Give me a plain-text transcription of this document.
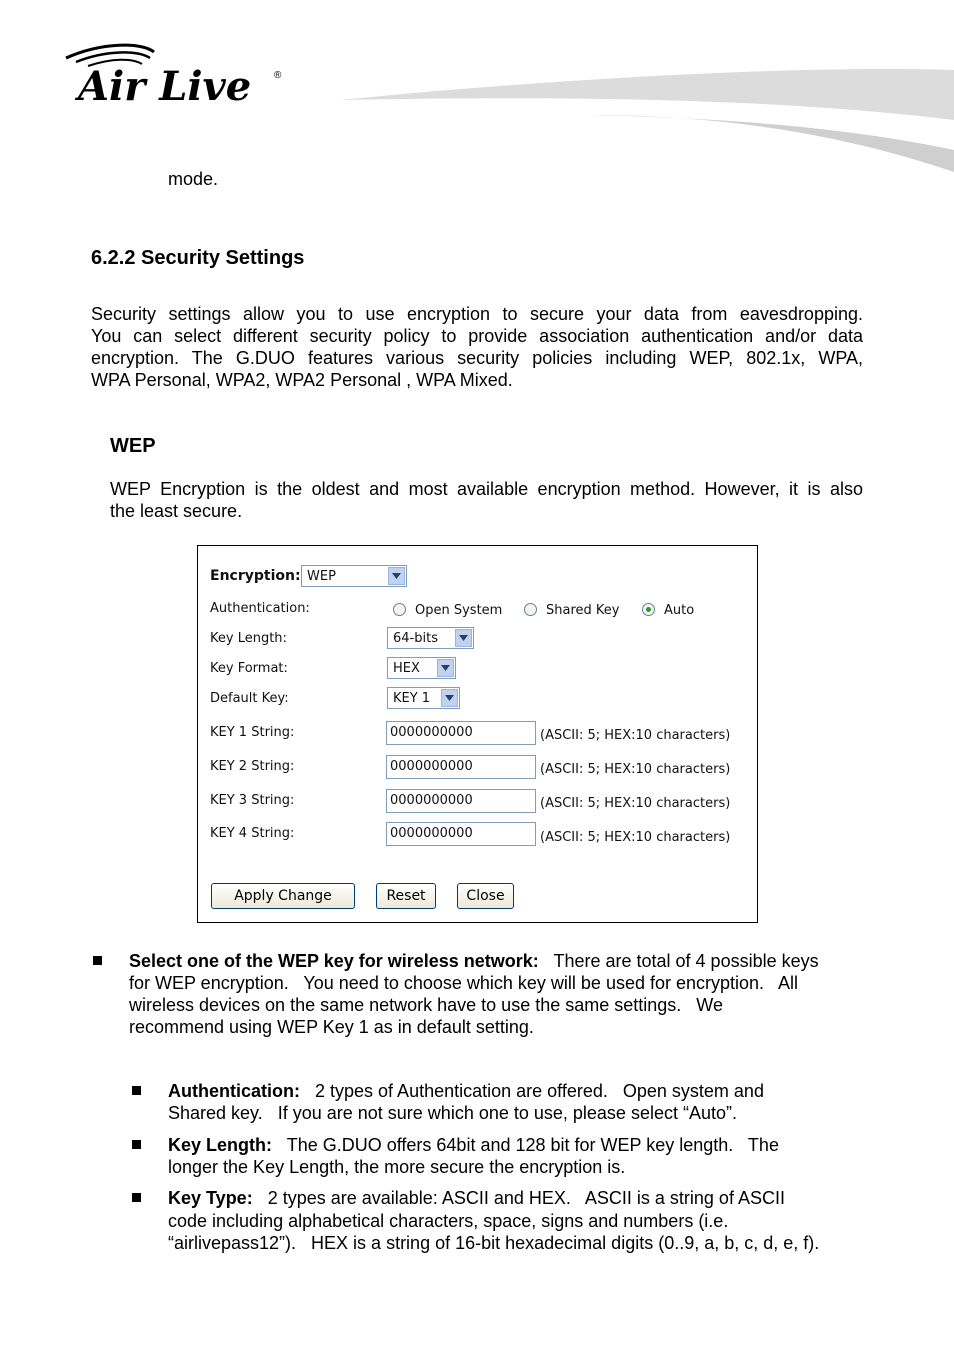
Air Live ®
mode.
6.2.2 Security Settings
Security settings allow you to use encryption to secure your data from eavesdropping.
You can select different security policy to provide association authentication and/or data
encryption. The G.DUO features various security policies including WEP, 802.1x, WPA,
WPA Personal, WPA2, WPA2 Personal , WPA Mixed.
WEP
WEP Encryption is the oldest and most available encryption method. However, it is also
the least secure.
Encryption: WEP
Authentication:	Open System	Shared Key	Auto
Key Length:	64-bits
Key Format:	HEX
Default Key:	KEY 1
KEY 1 String:	0000000000	(ASCII: 5; HEX:10 characters)
KEY 2 String:	0000000000	(ASCII: 5; HEX:10 characters)
KEY 3 String:	0000000000	(ASCII: 5; HEX:10 characters)
KEY 4 String:	0000000000	(ASCII: 5; HEX:10 characters)
Apply Change	Reset	Close
Select one of the WEP key for wireless network:   There are total of 4 possible keys
for WEP encryption.   You need to choose which key will be used for encryption.   All
wireless devices on the same network have to use the same settings.   We
recommend using WEP Key 1 as in default setting.
Authentication:   2 types of Authentication are offered.   Open system and
Shared key.   If you are not sure which one to use, please select “Auto”.
Key Length:   The G.DUO offers 64bit and 128 bit for WEP key length.   The
longer the Key Length, the more secure the encryption is.
Key Type:   2 types are available: ASCII and HEX.   ASCII is a string of ASCII
code including alphabetical characters, space, signs and numbers (i.e.
“airlivepass12”).   HEX is a string of 16-bit hexadecimal digits (0..9, a, b, c, d, e, f).
